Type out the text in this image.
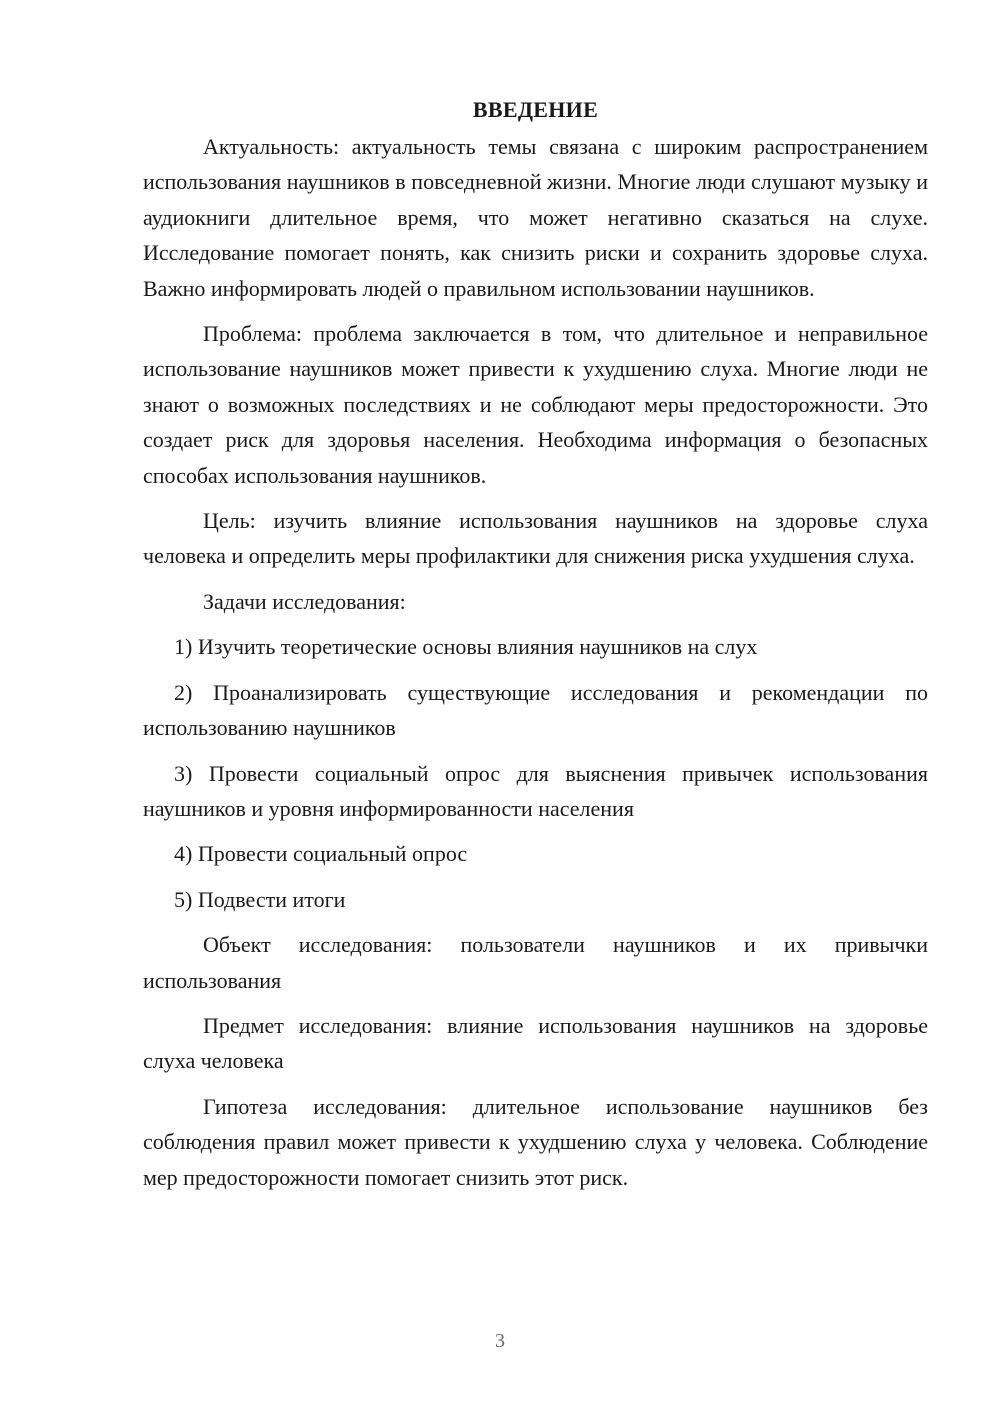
ВВЕДЕНИЕ

Актуальность: актуальность темы связана с широким распространением использования наушников в повседневной жизни. Многие люди слушают музыку и аудиокниги длительное время, что может негативно сказаться на слухе. Исследование помогает понять, как снизить риски и сохранить здоровье слуха. Важно информировать людей о правильном использовании наушников.

Проблема: проблема заключается в том, что длительное и неправильное использование наушников может привести к ухудшению слуха. Многие люди не знают о возможных последствиях и не соблюдают меры предосторожности. Это создает риск для здоровья населения. Необходима информация о безопасных способах использования наушников.

Цель: изучить влияние использования наушников на здоровье слуха человека и определить меры профилактики для снижения риска ухудшения слуха.

Задачи исследования:

1) Изучить теоретические основы влияния наушников на слух

2) Проанализировать существующие исследования и рекомендации по использованию наушников

3) Провести социальный опрос для выяснения привычек использования наушников и уровня информированности населения

4) Провести социальный опрос

5) Подвести итоги

Объект исследования: пользователи наушников и их привычки использования

Предмет исследования: влияние использования наушников на здоровье слуха человека

Гипотеза исследования: длительное использование наушников без соблюдения правил может привести к ухудшению слуха у человека. Соблюдение мер предосторожности помогает снизить этот риск.

3
